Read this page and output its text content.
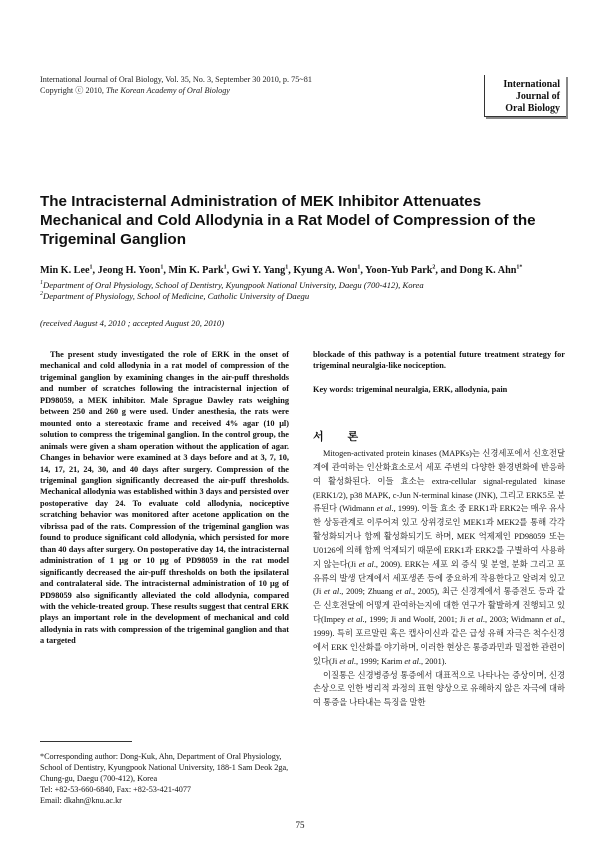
International Journal of Oral Biology, Vol. 35, No. 3, September 30 2010, p. 75~81
Copyright ⓒ 2010, The Korean Academy of Oral Biology
International
Journal of
Oral Biology
The Intracisternal Administration of MEK Inhibitor Attenuates Mechanical and Cold Allodynia in a Rat Model of Compression of the Trigeminal Ganglion
Min K. Lee$^1$, Jeong H. Yoon$^1$, Min K. Park$^1$, Gwi Y. Yang$^1$, Kyung A. Won$^1$, Yoon-Yub Park$^2$, and Dong K. Ahn$^{1*}$
$^1$Department of Oral Physiology, School of Dentistry, Kyungpook National University, Daegu (700-412), Korea
$^2$Department of Physiology, School of Medicine, Catholic University of Daegu
(received August 4, 2010 ; accepted August 20, 2010)
The present study investigated the role of ERK in the onset of mechanical and cold allodynia in a rat model of compression of the trigeminal ganglion by examining changes in the air-puff thresholds and number of scratches following the intracisternal injection of PD98059, a MEK inhibitor. Male Sprague Dawley rats weighing between 250 and 260 g were used. Under anesthesia, the rats were mounted onto a stereotaxic frame and received 4% agar (10 μl) solution to compress the trigeminal ganglion. In the control group, the animals were given a sham operation without the application of agar. Changes in behavior were examined at 3 days before and at 3, 7, 10, 14, 17, 21, 24, 30, and 40 days after surgery. Compression of the trigeminal ganglion significantly decreased the air-puff thresholds. Mechanical allodynia was established within 3 days and persisted over postoperative day 24. To evaluate cold allodynia, nociceptive scratching behavior was monitored after acetone application on the vibrissa pad of the rats. Compression of the trigeminal ganglion was found to produce significant cold allodynia, which persisted for more than 40 days after surgery. On postoperative day 14, the intracisternal administration of 1 μg or 10 μg of PD98059 in the rat model significantly decreased the air-puff thresholds on both the ipsilateral and contralateral side. The intracisternal administration of 10 μg of PD98059 also significantly alleviated the cold allodynia, compared with the vehicle-treated group. These results suggest that central ERK plays an important role in the development of mechanical and cold allodynia in rats with compression of the trigeminal ganglion and that a targeted
blockade of this pathway is a potential future treatment strategy for trigeminal neuralgia-like nociception.
Key words: trigeminal neuralgia, ERK, allodynia, pain
서 론

Mitogen-activated protein kinases (MAPKs)는 신경세포에서 신호전달계에 관여하는 인산화효소로서 세포 주변의 다양한 환경변화에 반응하여 활성화된다. 이들 효소는 extra-cellular signal-regulated kinase (ERK1/2), p38 MAPK, c-Jun N-terminal kinase (JNK), 그리고 ERK5로 분류된다 (Widmann et al., 1999). 이들 효소 중 ERK1과 ERK2는 매우 유사한 상동관계로 이루어져 있고 상위경로인 MEK1과 MEK2를 통해 각각 활성화되거나 함께 활성화되기도 하며, MEK 억제제인 PD98059 또는 U0126에 의해 함께 억제되기 때문에 ERK1과 ERK2를 구별하여 사용하지 않는다(Ji et al., 2009). ERK는 세포 외 증식 및 분열, 분화 그리고 포유류의 발생 단계에서 세포생존 등에 중요하게 작용한다고 알려져 있고(Ji et al., 2009; Zhuang et al., 2005), 최근 신경계에서 통증전도 등과 같은 신호전달에 어떻게 관여하는지에 대한 연구가 활발하게 진행되고 있다(Impey et al., 1999; Ji and Woolf, 2001; Ji et al., 2003; Widmann et al., 1999). 특히 포르말린 혹은 캡사이신과 같은 급성 유해 자극은 척수신경에서 ERK 인산화를 야기하며, 이러한 현상은 통증과민과 밀접한 관련이 있다(Ji et al., 1999; Karim et al., 2001).

이질통은 신경병증성 통증에서 대표적으로 나타나는 증상이며, 신경 손상으로 인한 병리적 과정의 표현 양상으로 유해하지 않은 자극에 대하여 통증을 나타내는 특징을 말한

*Corresponding author: Dong-Kuk, Ahn, Department of Oral Physiology, School of Dentistry, Kyungpook National University, 188-1 Sam Deok 2ga, Chung-gu, Daegu (700-412), Korea
Tel: +82-53-660-6840, Fax: +82-53-421-4077
Email: dkahn@knu.ac.kr
75
